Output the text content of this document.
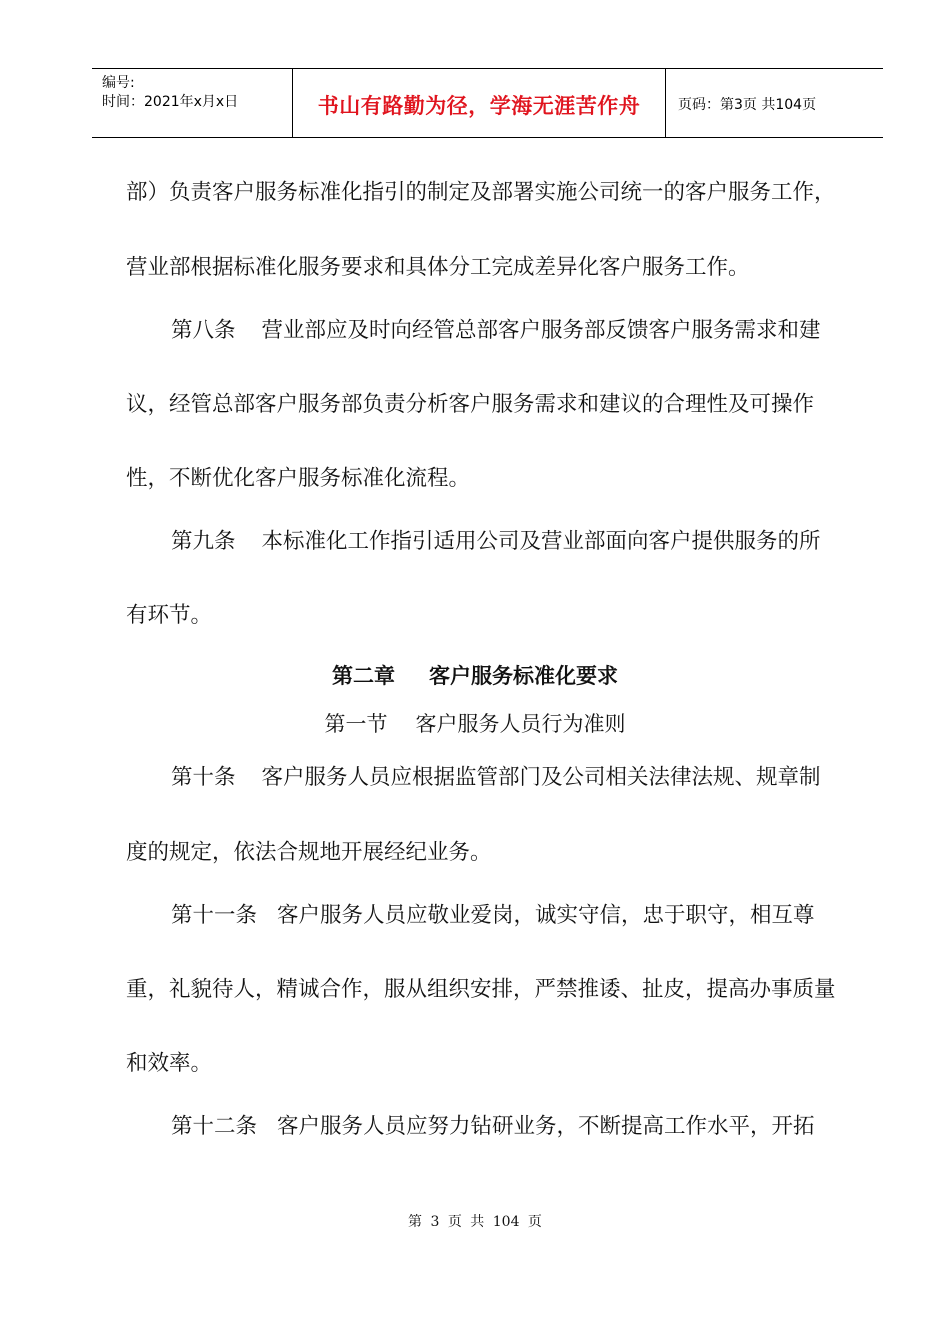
编号:
时间：2021年x月x日	书山有路勤为径，学海无涯苦作舟	页码：第3页 共104页
部）负责客户服务标准化指引的制定及部署实施公司统一的客户服务工作，
营业部根据标准化服务要求和具体分工完成差异化客户服务工作。
第八条 营业部应及时向经管总部客户服务部反馈客户服务需求和建
议，经管总部客户服务部负责分析客户服务需求和建议的合理性及可操作
性，不断优化客户服务标准化流程。
第九条 本标准化工作指引适用公司及营业部面向客户提供服务的所
有环节。
第二章 客户服务标准化要求
第一节 客户服务人员行为准则
第十条 客户服务人员应根据监管部门及公司相关法律法规、规章制
度的规定，依法合规地开展经纪业务。
第十一条 客户服务人员应敬业爱岗，诚实守信，忠于职守，相互尊
重，礼貌待人，精诚合作，服从组织安排，严禁推诿、扯皮，提高办事质量
和效率。
第十二条 客户服务人员应努力钻研业务，不断提高工作水平，开拓
第 3 页 共 104 页
